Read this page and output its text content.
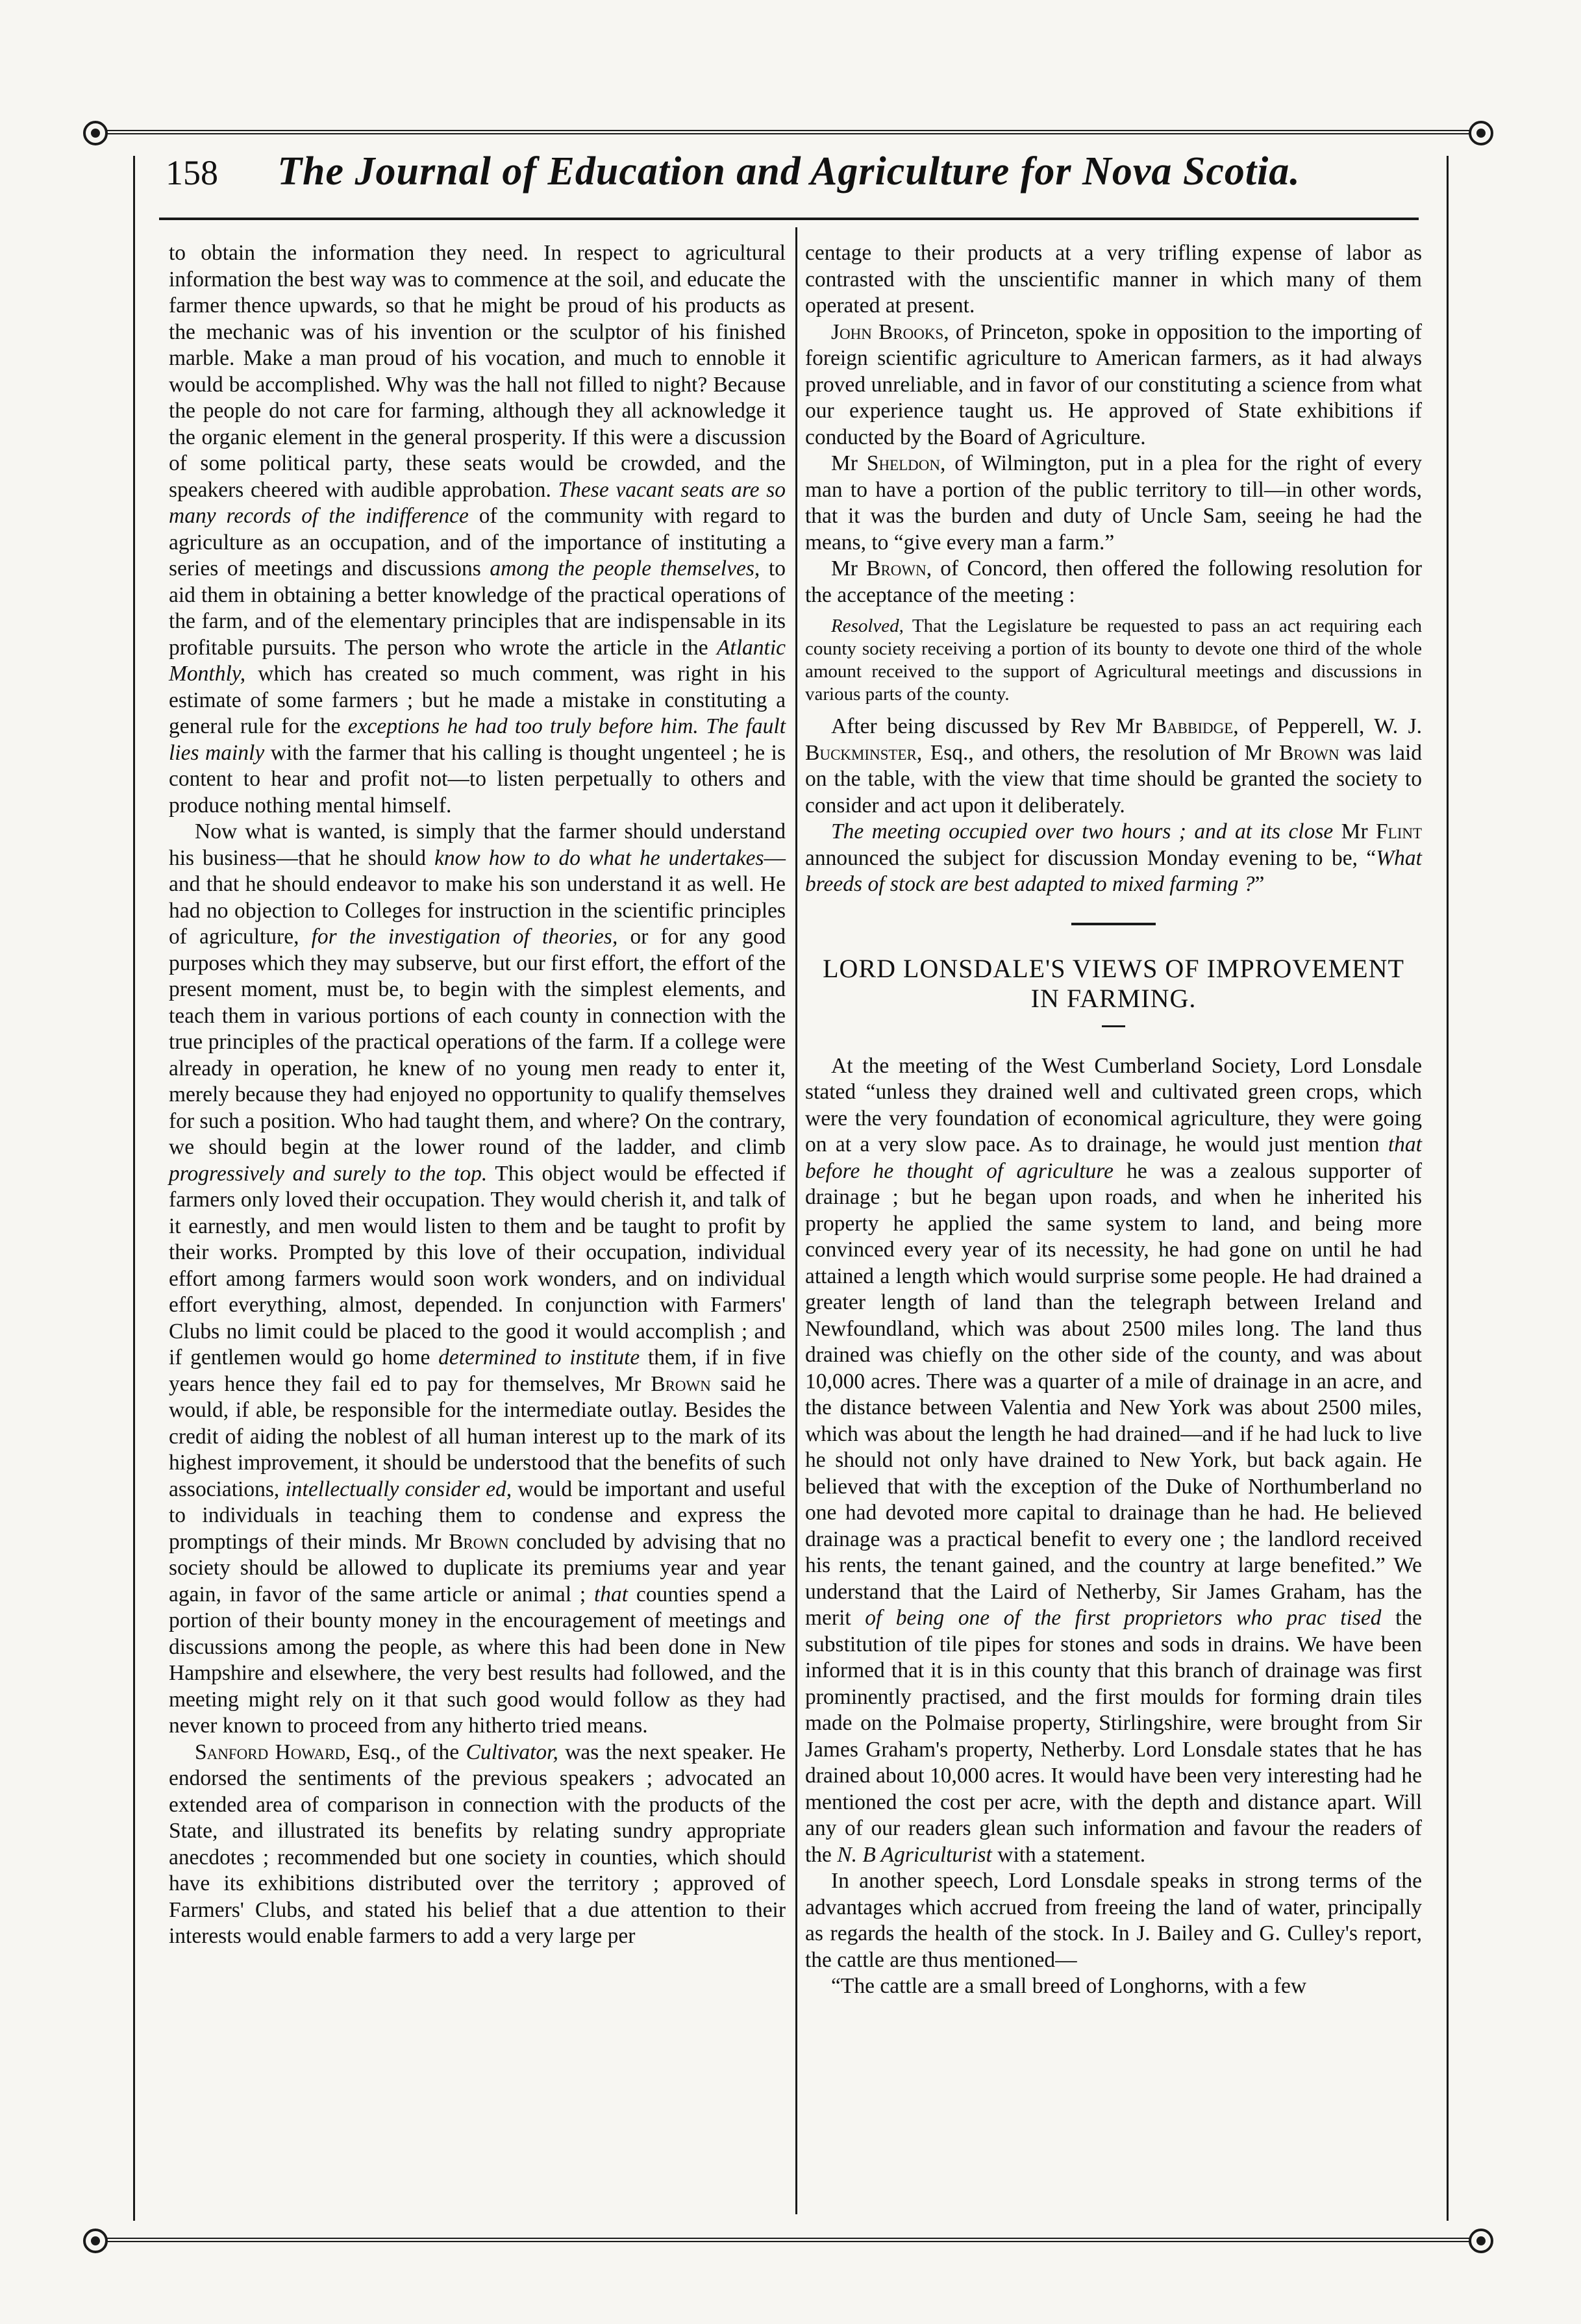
158	The Journal of Education and Agriculture for Nova Scotia.

to obtain the information they need. In respect to agricultural information the best way was to commence at the soil, and educate the farmer thence upwards, so that he might be proud of his products as the mechanic was of his invention or the sculptor of his finished marble. Make a man proud of his vocation, and much to ennoble it would be accomplished. Why was the hall not filled to night? Because the people do not care for farming, although they all acknowledge it the organic element in the general prosperity. If this were a discussion of some political party, these seats would be crowded, and the speakers cheered with audible approbation. These vacant seats are so many records of the indifference of the community with regard to agriculture as an occupation, and of the importance of instituting a series of meetings and discussions among the people themselves, to aid them in obtaining a better knowledge of the practical operations of the farm, and of the elementary principles that are indispensable in its profitable pursuits. The person who wrote the article in the Atlantic Monthly, which has created so much comment, was right in his estimate of some farmers ; but he made a mistake in constituting a general rule for the exceptions he had too truly before him. The fault lies mainly with the farmer that his calling is thought ungenteel ; he is content to hear and profit not—to listen perpetually to others and produce nothing mental himself.

Now what is wanted, is simply that the farmer should understand his business—that he should know how to do what he undertakes—and that he should endeavor to make his son understand it as well. He had no objection to Colleges for instruction in the scientific principles of agriculture, for the investigation of theories, or for any good purposes which they may subserve, but our first effort, the effort of the present moment, must be, to begin with the simplest elements, and teach them in various portions of each county in connection with the true principles of the practical operations of the farm. If a college were already in operation, he knew of no young men ready to enter it, merely because they had enjoyed no opportunity to qualify themselves for such a position. Who had taught them, and where? On the contrary, we should begin at the lower round of the ladder, and climb progressively and surely to the top. This object would be effected if farmers only loved their occupation. They would cherish it, and talk of it earnestly, and men would listen to them and be taught to profit by their works. Prompted by this love of their occupation, individual effort among farmers would soon work wonders, and on individual effort everything, almost, depended. In conjunction with Farmers' Clubs no limit could be placed to the good it would accomplish ; and if gentlemen would go home determined to institute them, if in five years hence they fail ed to pay for themselves, Mr Brown said he would, if able, be responsible for the intermediate outlay. Besides the credit of aiding the noblest of all human interest up to the mark of its highest improvement, it should be understood that the benefits of such associations, intellectually consider ed, would be important and useful to individuals in teaching them to condense and express the promptings of their minds. Mr Brown concluded by advising that no society should be allowed to duplicate its premiums year and year again, in favor of the same article or animal ; that counties spend a portion of their bounty money in the encouragement of meetings and discussions among the people, as where this had been done in New Hampshire and elsewhere, the very best results had followed, and the meeting might rely on it that such good would follow as they had never known to proceed from any hitherto tried means.

Sanford Howard, Esq., of the Cultivator, was the next speaker. He endorsed the sentiments of the previous speakers ; advocated an extended area of comparison in connection with the products of the State, and illustrated its benefits by relating sundry appropriate anecdotes ; recommended but one society in counties, which should have its exhibitions distributed over the territory ; approved of Farmers' Clubs, and stated his belief that a due attention to their interests would enable farmers to add a very large per

centage to their products at a very trifling expense of labor as contrasted with the unscientific manner in which many of them operated at present.

John Brooks, of Princeton, spoke in opposition to the importing of foreign scientific agriculture to American farmers, as it had always proved unreliable, and in favor of our constituting a science from what our experience taught us. He approved of State exhibitions if conducted by the Board of Agriculture.

Mr Sheldon, of Wilmington, put in a plea for the right of every man to have a portion of the public territory to till—in other words, that it was the burden and duty of Uncle Sam, seeing he had the means, to “give every man a farm.”

Mr Brown, of Concord, then offered the following resolution for the acceptance of the meeting :

Resolved, That the Legislature be requested to pass an act requiring each county society receiving a portion of its bounty to devote one third of the whole amount received to the support of Agricultural meetings and discussions in various parts of the county.

After being discussed by Rev Mr Babbidge, of Pepperell, W. J. Buckminster, Esq., and others, the resolution of Mr Brown was laid on the table, with the view that time should be granted the society to consider and act upon it deliberately.

The meeting occupied over two hours ; and at its close Mr Flint announced the subject for discussion Monday evening to be, “What breeds of stock are best adapted to mixed farming ?”

LORD LONSDALE'S VIEWS OF IMPROVEMENT IN FARMING.

At the meeting of the West Cumberland Society, Lord Lonsdale stated “unless they drained well and cultivated green crops, which were the very foundation of economical agriculture, they were going on at a very slow pace. As to drainage, he would just mention that before he thought of agriculture he was a zealous supporter of drainage ; but he began upon roads, and when he inherited his property he applied the same system to land, and being more convinced every year of its necessity, he had gone on until he had attained a length which would surprise some people. He had drained a greater length of land than the telegraph between Ireland and Newfoundland, which was about 2500 miles long. The land thus drained was chiefly on the other side of the county, and was about 10,000 acres. There was a quarter of a mile of drainage in an acre, and the distance between Valentia and New York was about 2500 miles, which was about the length he had drained—and if he had luck to live he should not only have drained to New York, but back again. He believed that with the exception of the Duke of Northumberland no one had devoted more capital to drainage than he had. He believed drainage was a practical benefit to every one ; the landlord received his rents, the tenant gained, and the country at large benefited.” We understand that the Laird of Netherby, Sir James Graham, has the merit of being one of the first proprietors who prac tised the substitution of tile pipes for stones and sods in drains. We have been informed that it is in this county that this branch of drainage was first prominently practised, and the first moulds for forming drain tiles made on the Polmaise property, Stirlingshire, were brought from Sir James Graham's property, Netherby. Lord Lonsdale states that he has drained about 10,000 acres. It would have been very interesting had he mentioned the cost per acre, with the depth and distance apart. Will any of our readers glean such information and favour the readers of the N. B Agriculturist with a statement.

In another speech, Lord Lonsdale speaks in strong terms of the advantages which accrued from freeing the land of water, principally as regards the health of the stock. In J. Bailey and G. Culley's report, the cattle are thus mentioned—

“The cattle are a small breed of Longhorns, with a few
